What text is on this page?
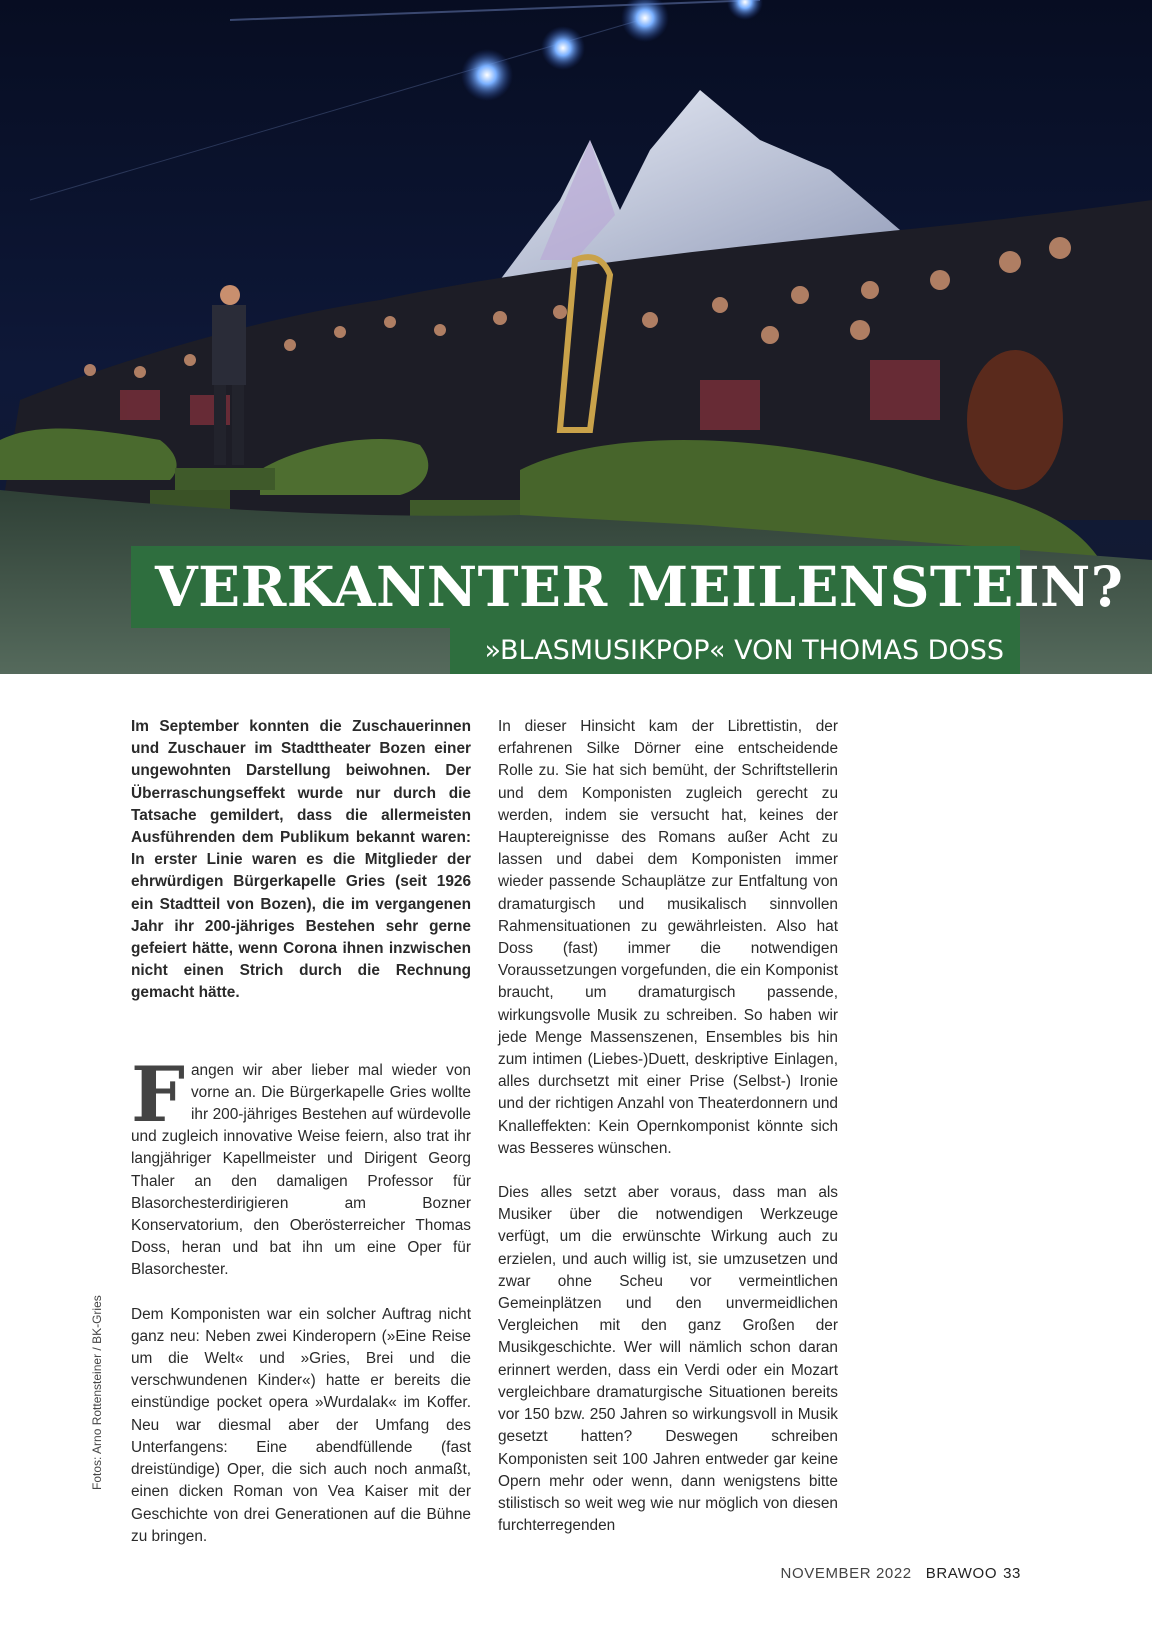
VERKANNTER MEILENSTEIN?
»BLASMUSIKPOP« VON THOMAS DOSS

Im September konnten die Zuschauerinnen und Zuschauer im Stadttheater Bozen einer ungewohnten Darstellung beiwohnen. Der Überraschungseffekt wurde nur durch die Tatsache gemildert, dass die allermeisten Ausführenden dem Publikum bekannt waren: In erster Linie waren es die Mitglieder der ehrwürdigen Bürgerkapelle Gries (seit 1926 ein Stadtteil von Bozen), die im vergangenen Jahr ihr 200-jähriges Bestehen sehr gerne gefeiert hätte, wenn Corona ihnen inzwischen nicht einen Strich durch die Rechnung gemacht hätte.

Fangen wir aber lieber mal wieder von vorne an. Die Bürgerkapelle Gries wollte ihr 200-jähriges Bestehen auf würdevolle und zugleich innovative Weise feiern, also trat ihr langjähriger Kapellmeister und Dirigent Georg Thaler an den damaligen Professor für Blasorchesterdirigieren am Bozner Konservatorium, den Oberösterreicher Thomas Doss, heran und bat ihn um eine Oper für Blasorchester.

Dem Komponisten war ein solcher Auftrag nicht ganz neu: Neben zwei Kinderopern (»Eine Reise um die Welt« und »Gries, Brei und die verschwundenen Kinder«) hatte er bereits die einstündige pocket opera »Wurdalak« im Koffer. Neu war diesmal aber der Umfang des Unterfangens: Eine abendfüllende (fast dreistündige) Oper, die sich auch noch anmaßt, einen dicken Roman von Vea Kaiser mit der Geschichte von drei Generationen auf die Bühne zu bringen.

In dieser Hinsicht kam der Librettistin, der erfahrenen Silke Dörner eine entscheidende Rolle zu. Sie hat sich bemüht, der Schriftstellerin und dem Komponisten zugleich gerecht zu werden, indem sie versucht hat, keines der Hauptereignisse des Romans außer Acht zu lassen und dabei dem Komponisten immer wieder passende Schauplätze zur Entfaltung von dramaturgisch und musikalisch sinnvollen Rahmensituationen zu gewährleisten. Also hat Doss (fast) immer die notwendigen Voraussetzungen vorgefunden, die ein Komponist braucht, um dramaturgisch passende, wirkungsvolle Musik zu schreiben. So haben wir jede Menge Massenszenen, Ensembles bis hin zum intimen (Liebes-)Duett, deskriptive Einlagen, alles durchsetzt mit einer Prise (Selbst-) Ironie und der richtigen Anzahl von Theaterdonnern und Knalleffekten: Kein Opernkomponist könnte sich was Besseres wünschen.

Dies alles setzt aber voraus, dass man als Musiker über die notwendigen Werkzeuge verfügt, um die erwünschte Wirkung auch zu erzielen, und auch willig ist, sie umzusetzen und zwar ohne Scheu vor vermeintlichen Gemeinplätzen und den unvermeidlichen Vergleichen mit den ganz Großen der Musikgeschichte. Wer will nämlich schon daran erinnert werden, dass ein Verdi oder ein Mozart vergleichbare dramaturgische Situationen bereits vor 150 bzw. 250 Jahren so wirkungsvoll in Musik gesetzt hatten? Deswegen schreiben Komponisten seit 100 Jahren entweder gar keine Opern mehr oder wenn, dann wenigstens bitte stilistisch so weit weg wie nur möglich von diesen furchterregenden

Fotos: Arno Rottensteiner / BK-Gries
NOVEMBER 2022 BRAWOO 33
